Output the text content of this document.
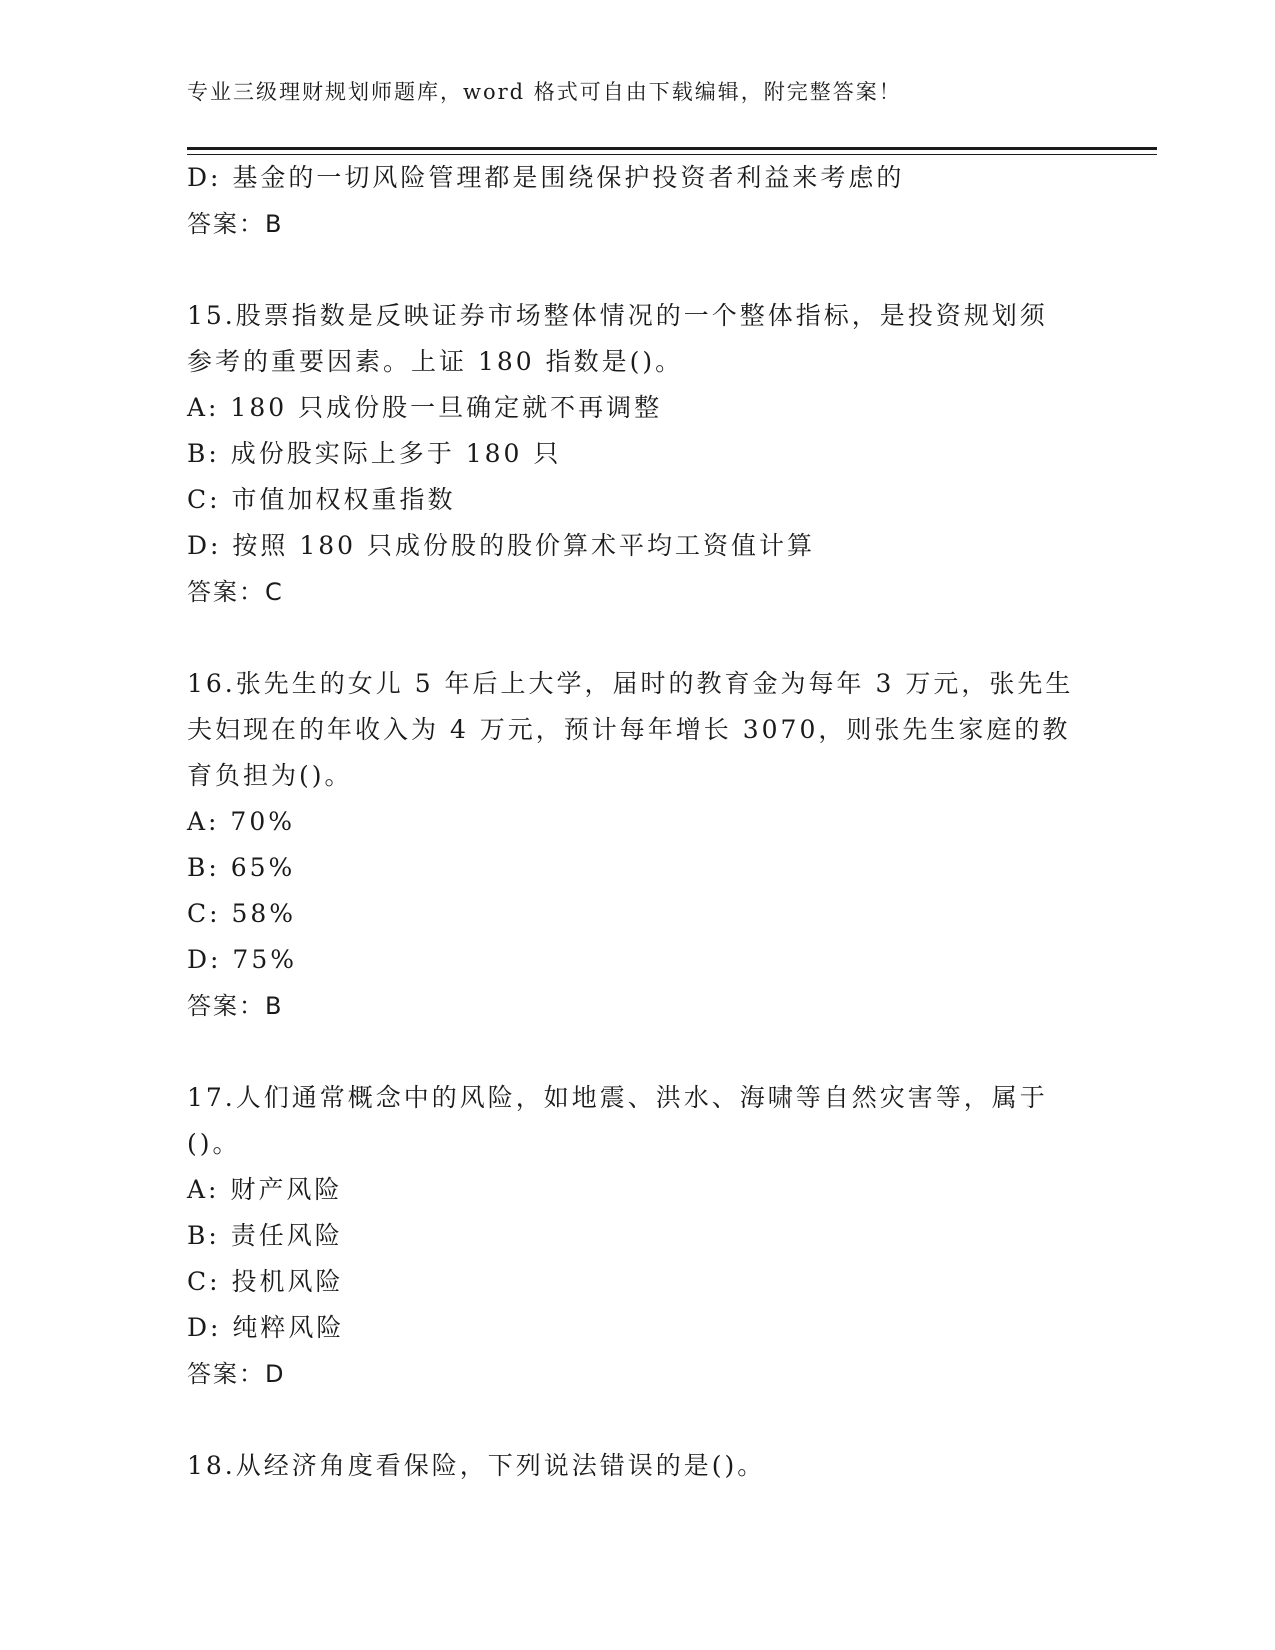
专业三级理财规划师题库，word 格式可自由下载编辑，附完整答案！
D: 基金的一切风险管理都是围绕保护投资者利益来考虑的
答案：B
15.股票指数是反映证券市场整体情况的一个整体指标，是投资规划须
参考的重要因素。上证 180 指数是()。
A: 180 只成份股一旦确定就不再调整
B: 成份股实际上多于 180 只
C: 市值加权权重指数
D: 按照 180 只成份股的股价算术平均工资值计算
答案：C
16.张先生的女儿 5 年后上大学，届时的教育金为每年 3 万元，张先生
夫妇现在的年收入为 4 万元，预计每年增长 3070，则张先生家庭的教
育负担为()。
A: 70%
B: 65%
C: 58%
D: 75%
答案：B
17.人们通常概念中的风险，如地震、洪水、海啸等自然灾害等，属于
()。
A: 财产风险
B: 责任风险
C: 投机风险
D: 纯粹风险
答案：D
18.从经济角度看保险，下列说法错误的是()。
